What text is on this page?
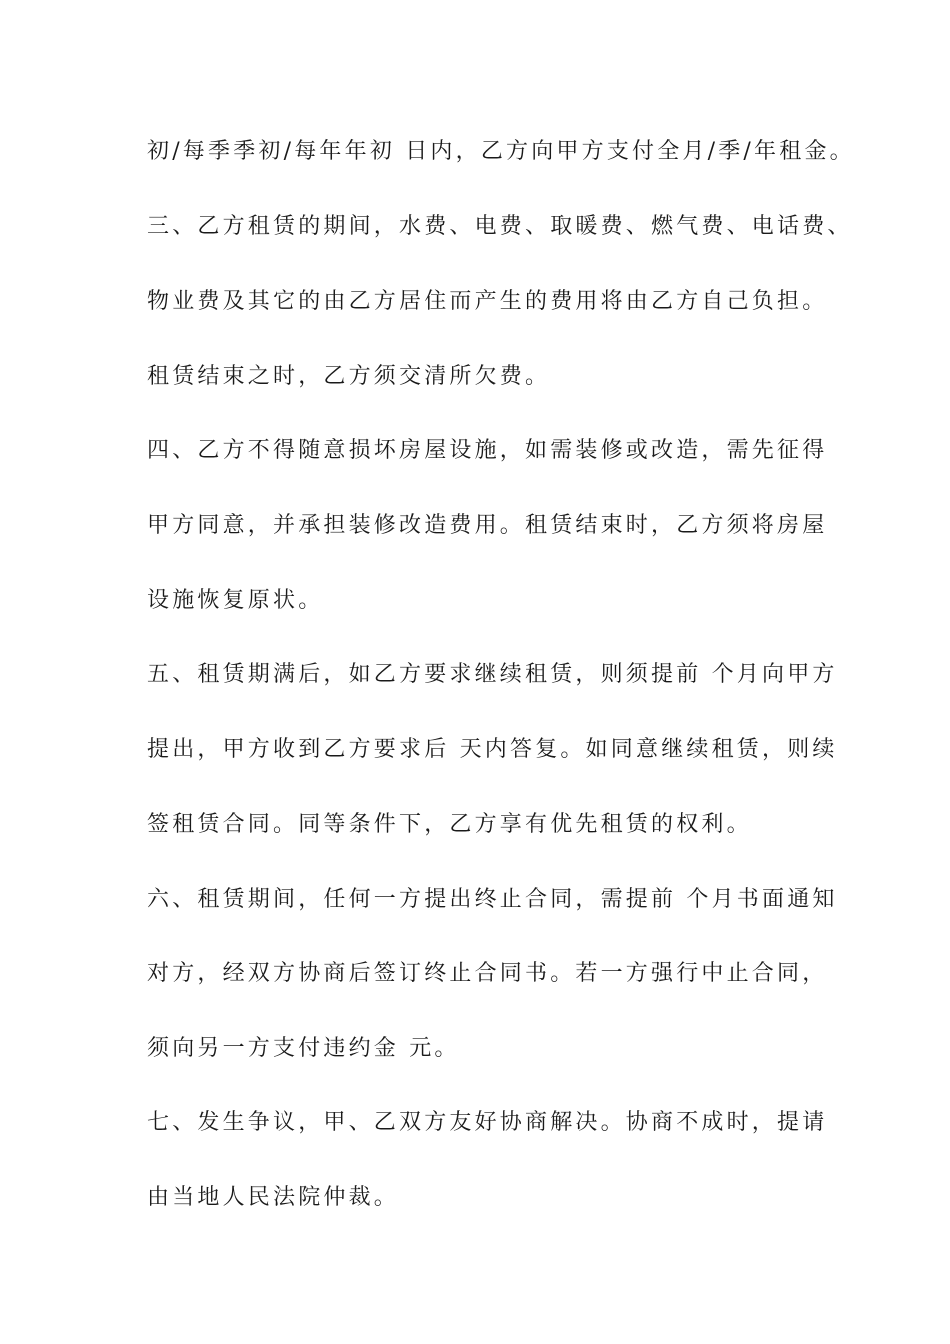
初/每季季初/每年年初 日内，乙方向甲方支付全月/季/年租金。
三、乙方租赁的期间，水费、电费、取暖费、燃气费、电话费、
物业费及其它的由乙方居住而产生的费用将由乙方自己负担。
租赁结束之时，乙方须交清所欠费。
四、乙方不得随意损坏房屋设施，如需装修或改造，需先征得
甲方同意，并承担装修改造费用。租赁结束时，乙方须将房屋
设施恢复原状。
五、租赁期满后，如乙方要求继续租赁，则须提前 个月向甲方
提出，甲方收到乙方要求后 天内答复。如同意继续租赁，则续
签租赁合同。同等条件下，乙方享有优先租赁的权利。
六、租赁期间，任何一方提出终止合同，需提前 个月书面通知
对方，经双方协商后签订终止合同书。若一方强行中止合同，
须向另一方支付违约金 元。
七、发生争议，甲、乙双方友好协商解决。协商不成时，提请
由当地人民法院仲裁。
